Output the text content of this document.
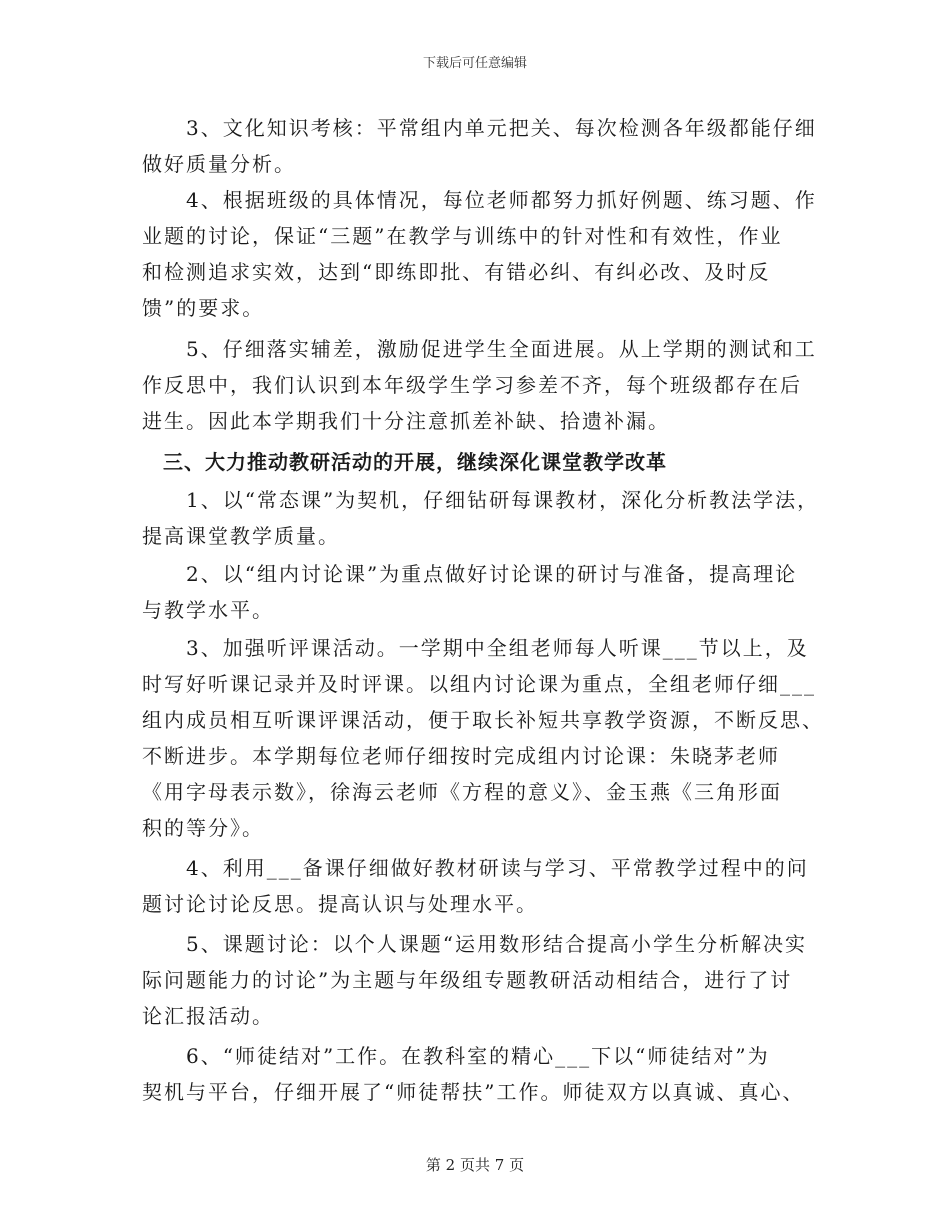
下载后可任意编辑
　　3、文化知识考核：平常组内单元把关、每次检测各年级都能仔细
做好质量分析。
　　4、根据班级的具体情况，每位老师都努力抓好例题、练习题、作
业题的讨论，保证“三题”在教学与训练中的针对性和有效性，作业
和检测追求实效，达到“即练即批、有错必纠、有纠必改、及时反
馈”的要求。
　　5、仔细落实辅差，激励促进学生全面进展。从上学期的测试和工
作反思中，我们认识到本年级学生学习参差不齐，每个班级都存在后
进生。因此本学期我们十分注意抓差补缺、拾遗补漏。
　三、大力推动教研活动的开展，继续深化课堂教学改革
　　1、以“常态课”为契机，仔细钻研每课教材，深化分析教法学法，
提高课堂教学质量。
　　2、以“组内讨论课”为重点做好讨论课的研讨与准备，提高理论
与教学水平。
　　3、加强听评课活动。一学期中全组老师每人听课___节以上，及
时写好听课记录并及时评课。以组内讨论课为重点，全组老师仔细___
组内成员相互听课评课活动，便于取长补短共享教学资源，不断反思、
不断进步。本学期每位老师仔细按时完成组内讨论课：朱晓茅老师
《用字母表示数》，徐海云老师《方程的意义》、金玉燕《三角形面
积的等分》。
　　4、利用___备课仔细做好教材研读与学习、平常教学过程中的问
题讨论讨论反思。提高认识与处理水平。
　　5、课题讨论：以个人课题“运用数形结合提高小学生分析解决实
际问题能力的讨论”为主题与年级组专题教研活动相结合，进行了讨
论汇报活动。
　　6、“师徒结对”工作。在教科室的精心___下以“师徒结对”为
契机与平台，仔细开展了“师徒帮扶”工作。师徒双方以真诚、真心、
第 2 页共 7 页
